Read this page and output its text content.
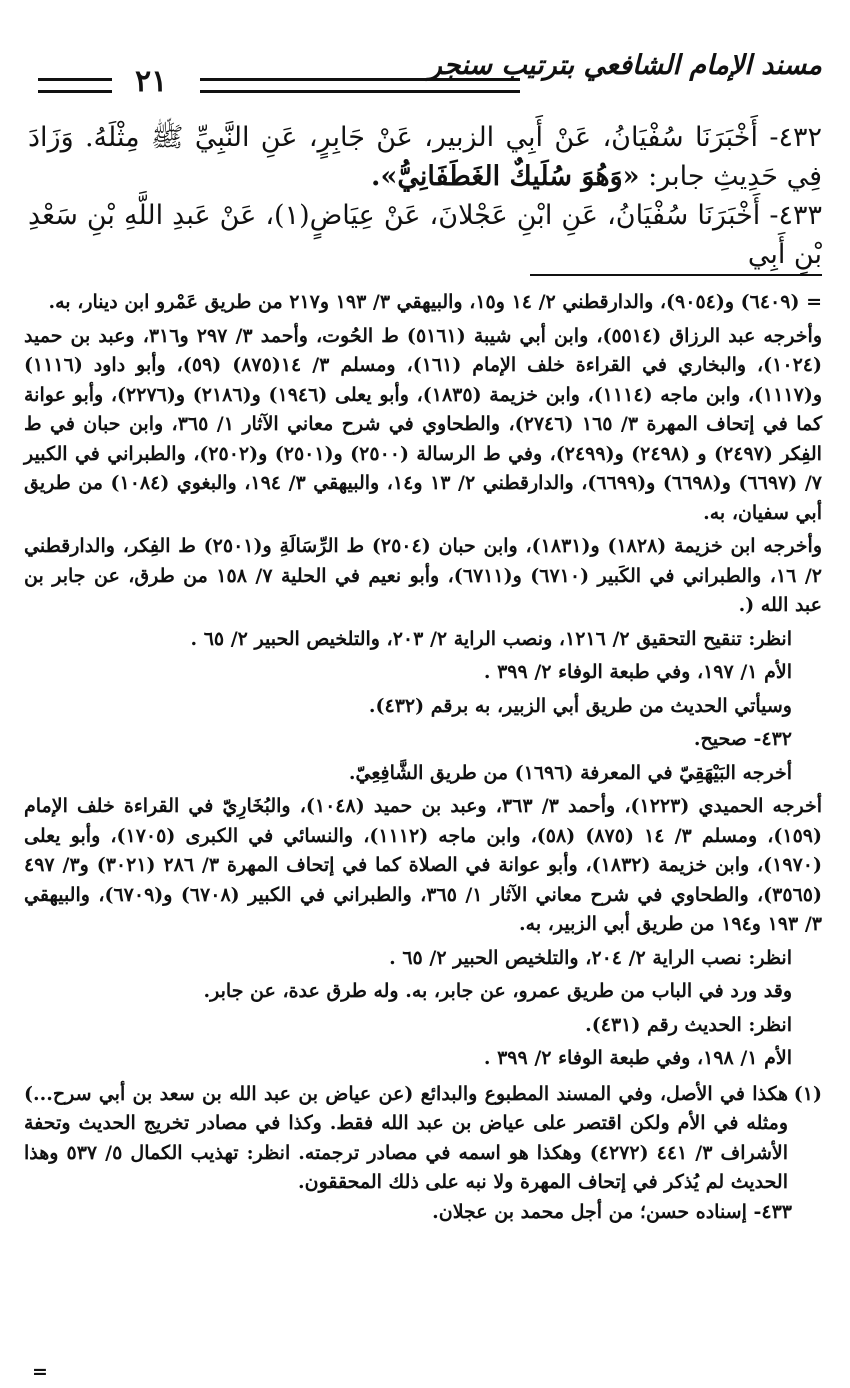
مسند الإمام الشافعي بترتيب سنجر
٢١

٤٣٢- أَخْبَرَنَا سُفْيَانُ، عَنْ أَبِي الزبير، عَنْ جَابِرٍ، عَنِ النَّبِيِّ ﷺ مِثْلَهُ. وَزَادَ فِي حَدِيثِ جابر: «وَهُوَ سُلَيكٌ الغَطَفَانِيُّ».

٤٣٣- أَخْبَرَنَا سُفْيَانُ، عَنِ ابْنِ عَجْلانَ، عَنْ عِيَاضٍ(١)، عَنْ عَبدِ اللَّهِ بْنِ سَعْدِ بْنِ أَبِي

= (٦٤٠٩) و(٩٠٥٤)، والدارقطني ٢/ ١٤ و١٥، والبيهقي ٣/ ١٩٣ و٢١٧ من طريق عَمْرو ابن دينار، به.

وأخرجه عبد الرزاق (٥٥١٤)، وابن أبي شيبة (٥١٦١) ط الحُوت، وأحمد ٣/ ٢٩٧ و٣١٦، وعبد بن حميد (١٠٢٤)، والبخاري في القراءة خلف الإمام (١٦١)، ومسلم ٣/ ١٤(٨٧٥) (٥٩)، وأبو داود (١١١٦) و(١١١٧)، وابن ماجه (١١١٤)، وابن خزيمة (١٨٣٥)، وأبو يعلى (١٩٤٦) و(٢١٨٦) و(٢٢٧٦)، وأبو عوانة كما في إتحاف المهرة ٣/ ١٦٥ (٢٧٤٦)، والطحاوي في شرح معاني الآثار ١/ ٣٦٥، وابن حبان في ط الفِكر (٢٤٩٧) و (٢٤٩٨) و(٢٤٩٩)، وفي ط الرسالة (٢٥٠٠) و(٢٥٠١) و(٢٥٠٢)، والطبراني في الكبير ٧/ (٦٦٩٧) و(٦٦٩٨) و(٦٦٩٩)، والدارقطني ٢/ ١٣ و١٤، والبيهقي ٣/ ١٩٤، والبغوي (١٠٨٤) من طريق أبي سفيان، به.

وأخرجه ابن خزيمة (١٨٢٨) و(١٨٣١)، وابن حبان (٢٥٠٤) ط الرِّسَالَةِ و(٢٥٠١) ط الفِكر، والدارقطني ٢/ ١٦، والطبراني في الكَبير (٦٧١٠) و(٦٧١١)، وأبو نعيم في الحلية ٧/ ١٥٨ من طرق، عن جابر بن عبد الله (.

انظر: تنقيح التحقيق ٢/ ١٢١٦، ونصب الراية ٢/ ٢٠٣، والتلخيص الحبير ٢/ ٦٥ .

الأم ١/ ١٩٧، وفي طبعة الوفاء ٢/ ٣٩٩ .

وسيأتي الحديث من طريق أبي الزبير، به برقم (٤٣٢).

٤٣٢- صحيح.

أخرجه البَيْهَقِيّ في المعرفة (١٦٩٦) من طريق الشَّافِعِيّ.

أخرجه الحميدي (١٢٢٣)، وأحمد ٣/ ٣٦٣، وعبد بن حميد (١٠٤٨)، والبُخَارِيّ في القراءة خلف الإمام (١٥٩)، ومسلم ٣/ ١٤ (٨٧٥) (٥٨)، وابن ماجه (١١١٢)، والنسائي في الكبرى (١٧٠٥)، وأبو يعلى (١٩٧٠)، وابن خزيمة (١٨٣٢)، وأبو عوانة في الصلاة كما في إتحاف المهرة ٣/ ٢٨٦ (٣٠٢١) و٣/ ٤٩٧ (٣٥٦٥)، والطحاوي في شرح معاني الآثار ١/ ٣٦٥، والطبراني في الكبير (٦٧٠٨) و(٦٧٠٩)، والبيهقي ٣/ ١٩٣ و١٩٤ من طريق أبي الزبير، به.

انظر: نصب الراية ٢/ ٢٠٤، والتلخيص الحبير ٢/ ٦٥ .

وقد ورد في الباب من طريق عمرو، عن جابر، به. وله طرق عدة، عن جابر.

انظر: الحديث رقم (٤٣١).

الأم ١/ ١٩٨، وفي طبعة الوفاء ٢/ ٣٩٩ .

(١)
هكذا في الأصل، وفي المسند المطبوع والبدائع (عن عياض بن عبد الله بن سعد بن أبي سرح...) ومثله في الأم ولكن اقتصر على عياض بن عبد الله فقط. وكذا في مصادر تخريج الحديث وتحفة الأشراف ٣/ ٤٤١ (٤٢٧٢) وهكذا هو اسمه في مصادر ترجمته. انظر: تهذيب الكمال ٥/ ٥٣٧ وهذا الحديث لم يُذكر في إتحاف المهرة ولا نبه على ذلك المحققون.

٤٣٣- إسناده حسن؛ من أجل محمد بن عجلان.

=
